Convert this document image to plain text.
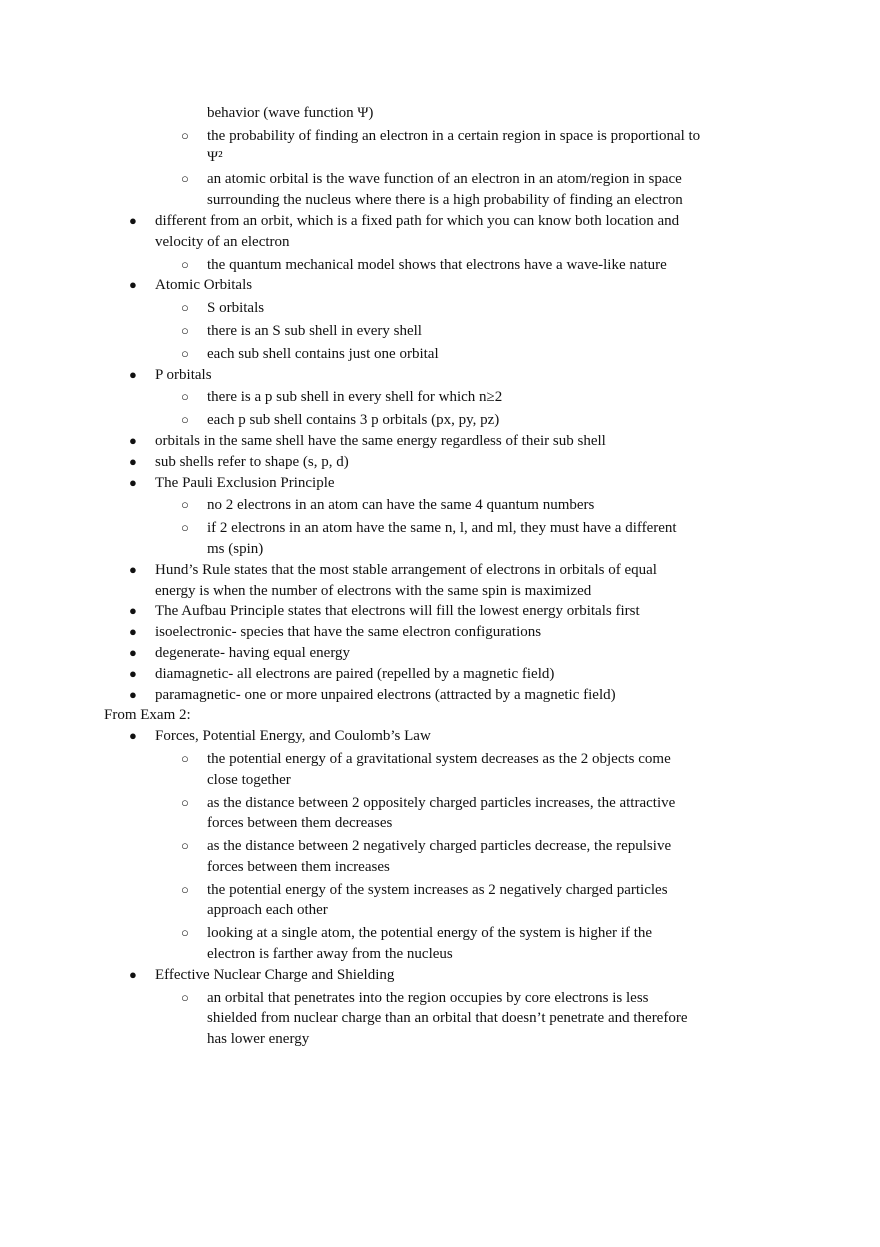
behavior (wave function Ψ)
○ the probability of finding an electron in a certain region in space is proportional to
Ψ²
○ an atomic orbital is the wave function of an electron in an atom/region in space
surrounding the nucleus where there is a high probability of finding an electron
● different from an orbit, which is a fixed path for which you can know both location and
velocity of an electron
○ the quantum mechanical model shows that electrons have a wave-like nature
● Atomic Orbitals
○ S orbitals
○ there is an S sub shell in every shell
○ each sub shell contains just one orbital
● P orbitals
○ there is a p sub shell in every shell for which n≥2
○ each p sub shell contains 3 p orbitals (px, py, pz)
● orbitals in the same shell have the same energy regardless of their sub shell
● sub shells refer to shape (s, p, d)
● The Pauli Exclusion Principle
○ no 2 electrons in an atom can have the same 4 quantum numbers
○ if 2 electrons in an atom have the same n, l, and ml, they must have a different
ms (spin)
● Hund’s Rule states that the most stable arrangement of electrons in orbitals of equal
energy is when the number of electrons with the same spin is maximized
● The Aufbau Principle states that electrons will fill the lowest energy orbitals first
● isoelectronic- species that have the same electron configurations
● degenerate- having equal energy
● diamagnetic- all electrons are paired (repelled by a magnetic field)
● paramagnetic- one or more unpaired electrons (attracted by a magnetic field)
From Exam 2:
● Forces, Potential Energy, and Coulomb’s Law
○ the potential energy of a gravitational system decreases as the 2 objects come
close together
○ as the distance between 2 oppositely charged particles increases, the attractive
forces between them decreases
○ as the distance between 2 negatively charged particles decrease, the repulsive
forces between them increases
○ the potential energy of the system increases as 2 negatively charged particles
approach each other
○ looking at a single atom, the potential energy of the system is higher if the
electron is farther away from the nucleus
● Effective Nuclear Charge and Shielding
○ an orbital that penetrates into the region occupies by core electrons is less
shielded from nuclear charge than an orbital that doesn’t penetrate and therefore
has lower energy
